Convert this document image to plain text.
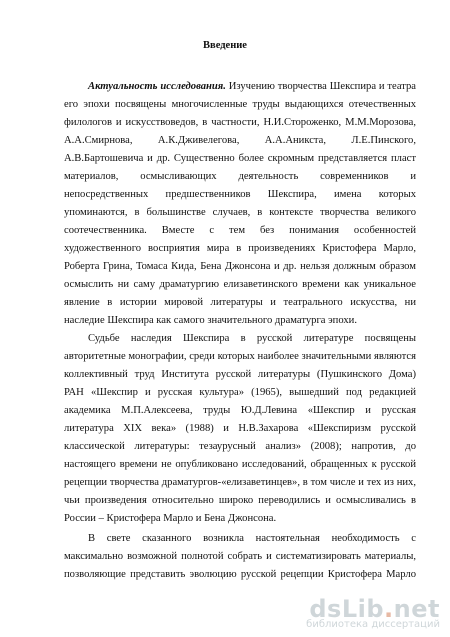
Введение
Актуальность исследования. Изучению творчества Шекспира и театра
его эпохи посвящены многочисленные труды выдающихся отечественных
филологов и искусствоведов, в частности, Н.И.Стороженко, М.М.Морозова,
А.А.Смирнова, А.К.Дживелегова, А.А.Аникста, Л.Е.Пинского,
А.В.Бартошевича и др. Существенно более скромным представляется пласт
материалов, осмысливающих деятельность современников и
непосредственных предшественников Шекспира, имена которых
упоминаются, в большинстве случаев, в контексте творчества великого
соотечественника. Вместе с тем без понимания особенностей
художественного восприятия мира в произведениях Кристофера Марло,
Роберта Грина, Томаса Кида, Бена Джонсона и др. нельзя должным образом
осмыслить ни саму драматургию елизаветинского времени как уникальное
явление в истории мировой литературы и театрального искусства, ни
наследие Шекспира как самого значительного драматурга эпохи.
Судьбе наследия Шекспира в русской литературе посвящены
авторитетные монографии, среди которых наиболее значительными являются
коллективный труд Института русской литературы (Пушкинского Дома)
РАН «Шекспир и русская культура» (1965), вышедший под редакцией
академика М.П.Алексеева, труды Ю.Д.Левина «Шекспир и русская
литература XIX века» (1988) и Н.В.Захарова «Шекспиризм русской
классической литературы: тезаурусный анализ» (2008); напротив, до
настоящего времени не опубликовано исследований, обращенных к русской
рецепции творчества драматургов-«елизаветинцев», в том числе и тех из них,
чьи произведения относительно широко переводились и осмысливались в
России – Кристофера Марло и Бена Джонсона.
В свете сказанного возникла настоятельная необходимость с
максимально возможной полнотой собрать и систематизировать материалы,
позволяющие представить эволюцию русской рецепции Кристофера Марло
dsLib.net
библиотека диссертаций
